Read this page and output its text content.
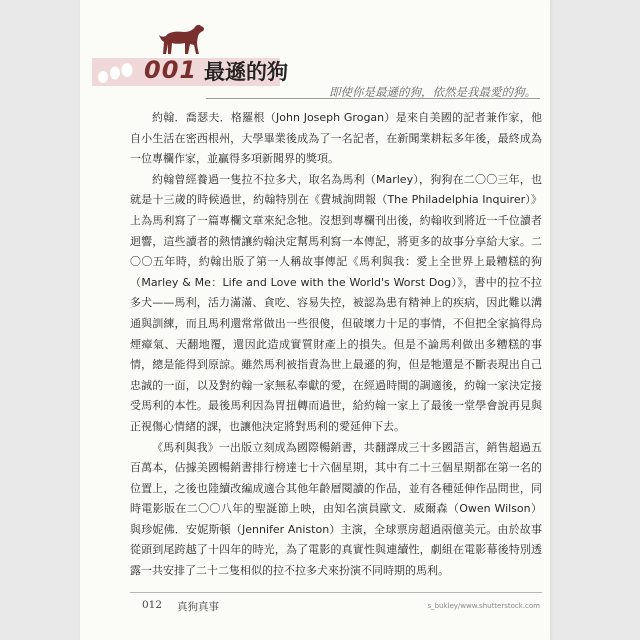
001 最遜的狗
即使你是最遜的狗，依然是我最愛的狗。

約翰．喬瑟夫．格羅根（John Joseph Grogan）是來自美國的記者兼作家，他自小生活在密西根州，大學畢業後成為了一名記者，在新聞業耕耘多年後，最終成為一位專欄作家，並贏得多項新聞界的獎項。

約翰曾經養過一隻拉不拉多犬，取名為馬利（Marley），狗狗在二〇〇三年，也就是十三歲的時候過世，約翰特別在《費城詢問報（The Philadelphia Inquirer）》上為馬利寫了一篇專欄文章來紀念牠。沒想到專欄刊出後，約翰收到將近一千位讀者迴響，這些讀者的熱情讓約翰決定幫馬利寫一本傳記，將更多的故事分享給大家。二〇〇五年時，約翰出版了第一人稱故事傳記《馬利與我：愛上全世界上最糟糕的狗（Marley & Me：Life and Love with the World's Worst Dog）》，書中的拉不拉多犬——馬利，活力滿滿、貪吃、容易失控，被認為患有精神上的疾病，因此難以溝通與訓練，而且馬利還常常做出一些很傻，但破壞力十足的事情，不但把全家搞得烏煙瘴氣、天翻地覆，還因此造成實質財產上的損失。但是不論馬利做出多糟糕的事情，總是能得到原諒。雖然馬利被指責為世上最遜的狗，但是牠還是不斷表現出自己忠誠的一面，以及對約翰一家無私奉獻的愛，在經過時間的調適後，約翰一家決定接受馬利的本性。最後馬利因為胃扭轉而過世，給約翰一家上了最後一堂學會說再見與正視傷心情緒的課，也讓他決定將對馬利的愛延伸下去。

《馬利與我》一出版立刻成為國際暢銷書，共翻譯成三十多國語言，銷售超過五百萬本，佔據美國暢銷書排行榜達七十六個星期，其中有二十三個星期都在第一名的位置上，之後也陸續改編成適合其他年齡層閱讀的作品，並有各種延伸作品問世，同時電影版在二〇〇八年的聖誕節上映，由知名演員歐文．威爾森（Owen Wilson）與珍妮佛．安妮斯頓（Jennifer Aniston）主演，全球票房超過兩億美元。由於故事從頭到尾跨越了十四年的時光，為了電影的真實性與連續性，劇組在電影幕後特別透露一共安排了二十二隻相似的拉不拉多犬來扮演不同時期的馬利。

012 真狗真事	s_bukley/www.shutterstock.com
